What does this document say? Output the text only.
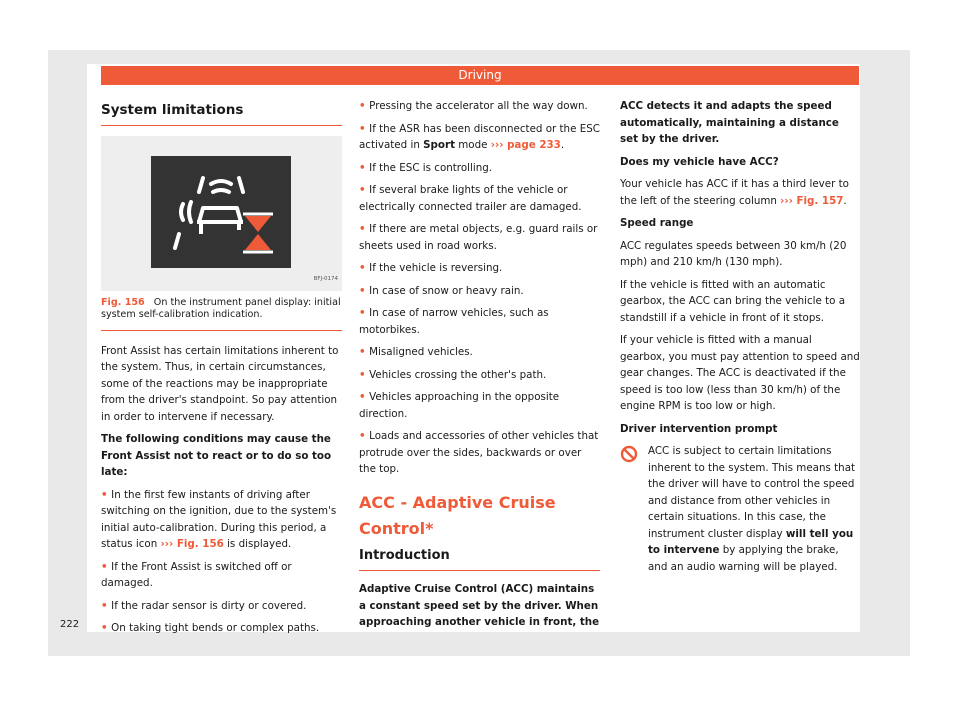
Driving
System limitations
BFJ-0174
Fig. 156 On the instrument panel display: initial system self-calibration indication.

Front Assist has certain limitations inherent to the system. Thus, in certain circumstances, some of the reactions may be inappropriate from the driver's standpoint. So pay attention in order to intervene if necessary.

The following conditions may cause the Front Assist not to react or to do so too late:

• In the first few instants of driving after switching on the ignition, due to the system's initial auto-calibration. During this period, a status icon ››› Fig. 156 is displayed.

• If the Front Assist is switched off or damaged.

• If the radar sensor is dirty or covered.

• On taking tight bends or complex paths.

• Pressing the accelerator all the way down.

• If the ASR has been disconnected or the ESC activated in Sport mode ››› page 233.

• If the ESC is controlling.

• If several brake lights of the vehicle or electrically connected trailer are damaged.

• If there are metal objects, e.g. guard rails or sheets used in road works.

• If the vehicle is reversing.

• In case of snow or heavy rain.

• In case of narrow vehicles, such as motorbikes.

• Misaligned vehicles.

• Vehicles crossing the other's path.

• Vehicles approaching in the opposite direction.

• Loads and accessories of other vehicles that protrude over the sides, backwards or over the top.

ACC - Adaptive Cruise Control*
Introduction

Adaptive Cruise Control (ACC) maintains a constant speed set by the driver. When approaching another vehicle in front, the

ACC detects it and adapts the speed automatically, maintaining a distance set by the driver.

Does my vehicle have ACC?

Your vehicle has ACC if it has a third lever to the left of the steering column ››› Fig. 157.

Speed range

ACC regulates speeds between 30 km/h (20 mph) and 210 km/h (130 mph).

If the vehicle is fitted with an automatic gearbox, the ACC can bring the vehicle to a standstill if a vehicle in front of it stops.

If your vehicle is fitted with a manual gearbox, you must pay attention to speed and gear changes. The ACC is deactivated if the speed is too low (less than 30 km/h) of the engine RPM is too low or high.

Driver intervention prompt

ACC is subject to certain limitations inherent to the system. This means that the driver will have to control the speed and distance from other vehicles in certain situations. In this case, the instrument cluster display will tell you to intervene by applying the brake, and an audio warning will be played.

222
